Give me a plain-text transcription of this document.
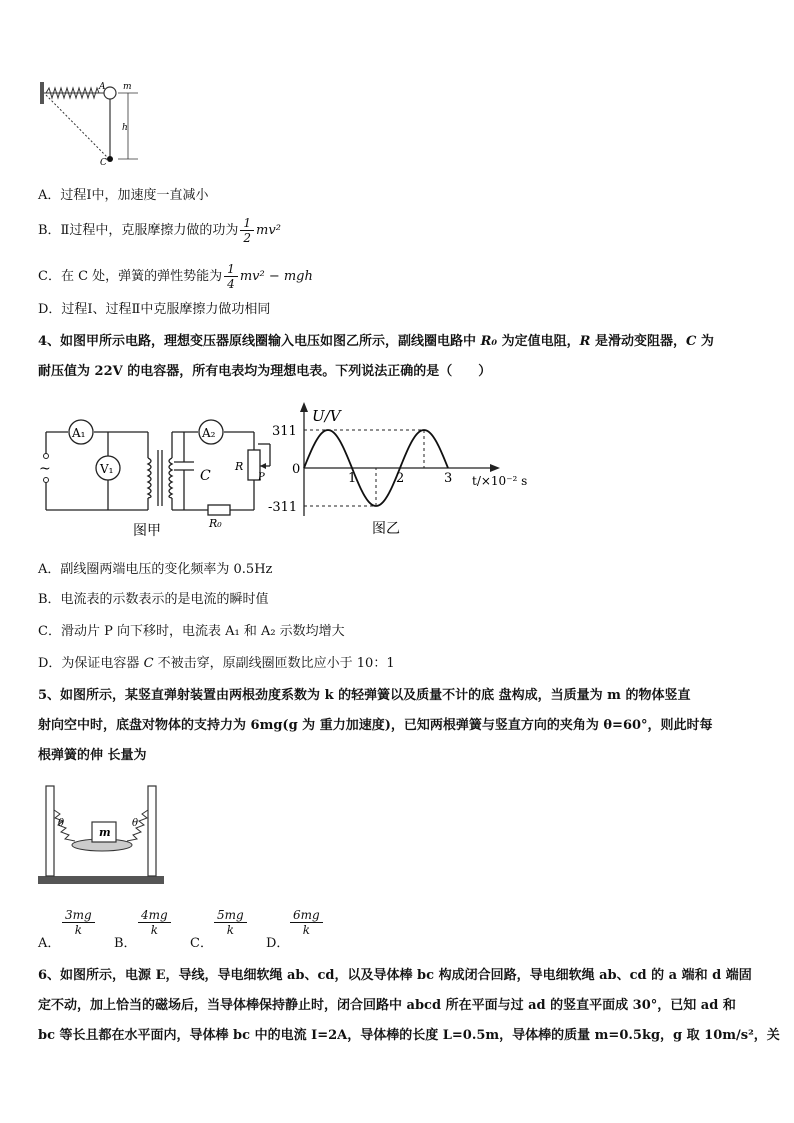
A m
h
C
A．过程Ⅰ中，加速度一直减小
B．Ⅱ过程中，克服摩擦力做的功为 $\frac{1}{2} mv^2$
C．在 C 处，弹簧的弹性势能为 $\frac{1}{4} mv^2$ − mgh
D．过程Ⅰ、过程Ⅱ中克服摩擦力做功相同
4、如图甲所示电路，理想变压器原线圈输入电压如图乙所示，副线圈电路中 R₀ 为定值电阻，R 是滑动变阻器，C 为
耐压值为 22V 的电容器，所有电表均为理想电表。下列说法正确的是（　　）
~
A₁
V₁
A₂
R
P
R₀
C
图甲
1	2	3
311
0
-311
U/V
t/×10⁻² s
图乙
A．副线圈两端电压的变化频率为 0.5Hz
B．电流表的示数表示的是电流的瞬时值
C．滑动片 P 向下移时，电流表 A₁ 和 A₂ 示数均增大
D．为保证电容器 C 不被击穿，原副线圈匝数比应小于 10：1
5、如图所示，某竖直弹射装置由两根劲度系数为 k 的轻弹簧以及质量不计的底 盘构成，当质量为 m 的物体竖直
射向空中时，底盘对物体的支持力为 6mg(g 为 重力加速度)，已知两根弹簧与竖直方向的夹角为 θ=60°，则此时每
根弹簧的伸 长量为
m
θ	θ
A．
$\frac{3mg}{k}$
B．
$\frac{4mg}{k}$
C．
$\frac{5mg}{k}$
D．
$\frac{6mg}{k}$
6、如图所示，电源 E，导线，导电细软绳 ab、cd，以及导体棒 bc 构成闭合回路，导电细软绳 ab、cd 的 a 端和 d 端固
定不动，加上恰当的磁场后，当导体棒保持静止时，闭合回路中 abcd 所在平面与过 ad 的竖直平面成 30°，已知 ad 和
bc 等长且都在水平面内，导体棒 bc 中的电流 I=2A，导体棒的长度 L=0.5m，导体棒的质量 m=0.5kg，g 取 10m/s²，关
